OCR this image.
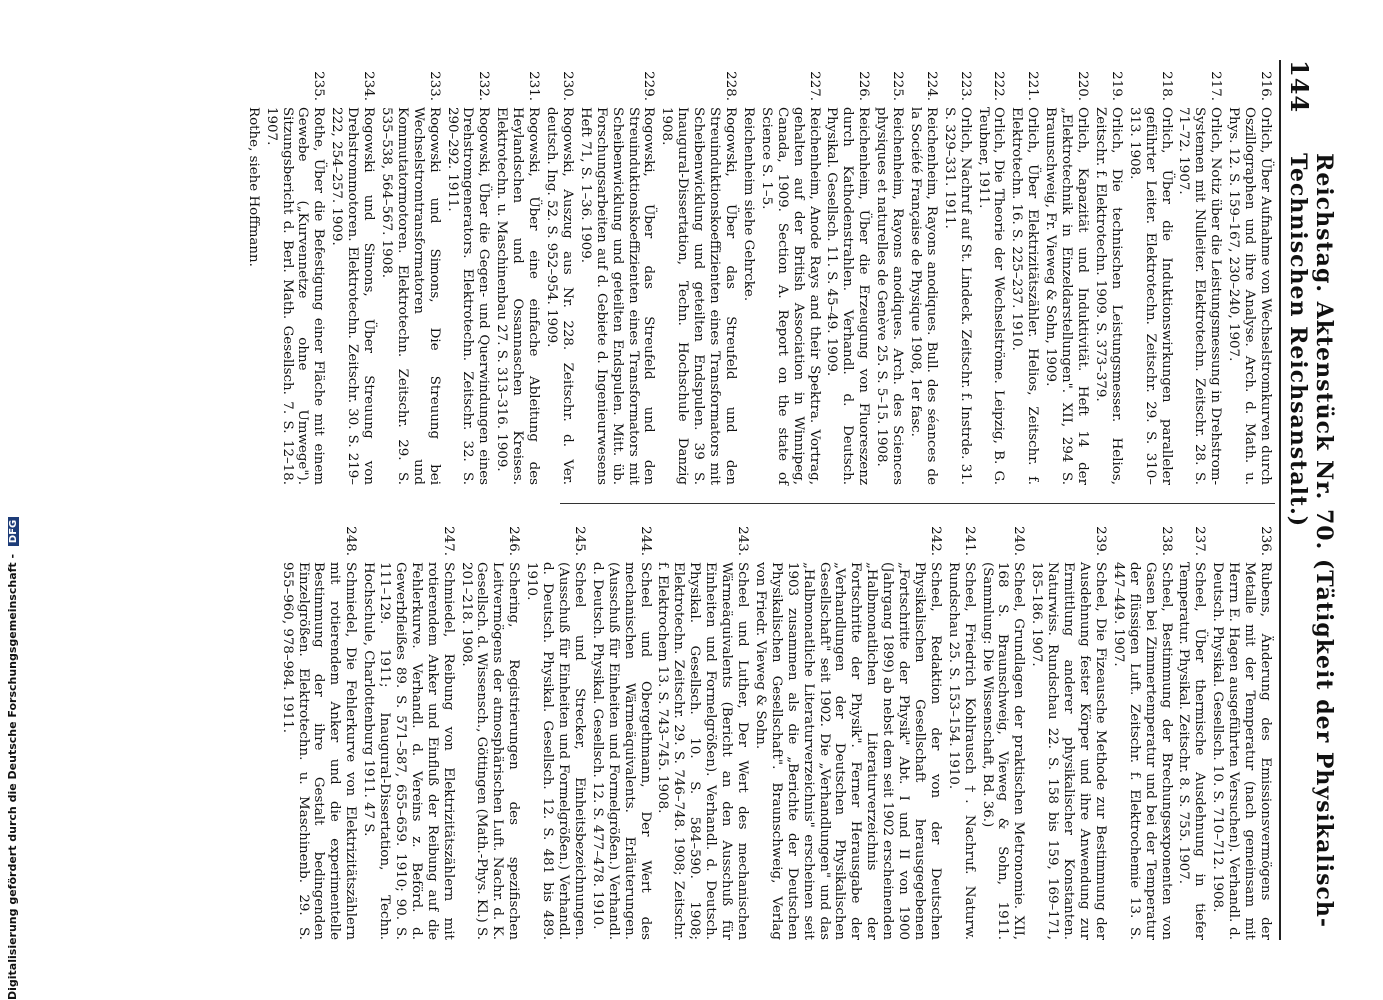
144
Reichstag. Aktenstück Nr. 70. (Tätigkeit der Physikalisch-Technischen Reichsanstalt.)
216.
Orlich, Über Aufnahme von Wechselstromkurven durch Oszillographen und ihre Analyse. Arch. d. Math. u. Phys. 12. S. 159–167, 230–240, 1907.
217.
Orlich, Notiz über die Leistungsmessung in Drehstrom-Systemen mit Nulleiter. Elektrotechn. Zeitschr. 28. S. 71–72. 1907.
218.
Orlich, Über die Induktionswirkungen paralleler geführter Leiter. Elektrotechn. Zeitschr. 29. S. 310–313. 1908.
219.
Orlich, Die technischen Leistungsmesser. Helios, Zeitschr. f. Elektrotechn. 1909. S. 373–379.
220.
Orlich, Kapazität und Induktivität. Heft 14 der „Elektrotechnik in Einzeldarstellungen". XII, 294 S. Braunschweig, Fr. Vieweg & Sohn, 1909.
221.
Orlich, Über Elektrizitätszähler. Helios, Zeitschr. f. Elektrotechn. 16. S. 225–237. 1910.
222.
Orlich, Die Theorie der Wechselströme. Leipzig, B. G. Teubner, 1911.
223.
Orlich, Nachruf auf St. Lindeck. Zeitschr. f. Instrde. 31. S. 329–331. 1911.
224.
Reichenheim, Rayons anodiques. Bull. des séances de la Société Française de Physique 1908, 1er fasc.
225.
Reichenheim, Rayons anodiques. Arch. des Sciences physiques et naturelles de Genève 25. S. 5–15. 1908.
226.
Reichenheim, Über die Erzeugung von Fluoreszenz durch Kathodenstrahlen. Verhandl. d. Deutsch. Physikal. Gesellsch. 11. S. 45–49. 1909.
227.
Reichenheim, Anode Rays and their Spektra. Vortrag, gehalten auf der British Association in Winnipeg, Canada, 1909. Section A. Report on the state of Science S. 1–5.
Reichenheim siehe Gehrcke.
228.
Rogowski, Über das Streufeld und den Streuinduktionskoeffizienten eines Transformators mit Scheibenwicklung und geteilten Endspulen. 39 S. Inaugural-Dissertation, Techn. Hochschule Danzig 1908.
229.
Rogowski, Über das Streufeld und den Streuinduktionskoeffizienten eines Transformators mit Scheibenwicklung und geteilten Endspulen. Mitt. üb. Forschungsarbeiten auf d. Gebiete d. Ingenieurwesens Heft 71, S. 1–36. 1909.
230.
Rogowski, Auszug aus Nr. 228. Zeitschr. d. Ver. deutsch. Ing. 52. S. 952–954. 1909.
231.
Rogowski, Über eine einfache Ableitung des Heylandschen und Ossannaschen Kreises. Elektrotechn. u. Maschinenbau 27. S. 313–316. 1909.
232.
Rogowski, Über die Gegen- und Querwindungen eines Drehstromgenerators. Elektrotechn. Zeitschr. 32. S. 290–292. 1911.
233.
Rogowski und Simons, Die Streuung bei Wechselstromtransformatoren und Kommutatormotoren. Elektrotechn. Zeitschr. 29. S. 535–538, 564–567. 1908.
234.
Rogowski und Simons, Über Streuung von Drehstrommotoren. Elektrotechn. Zeitschr. 30. S. 219–222, 254–257. 1909.
235.
Rothe, Über die Befestigung einer Fläche mit einem Gewebe („Kurvennetze ohne Umwege"). Sitzungsbericht d. Berl. Math. Gesellsch. 7. S. 12–18. 1907.
Rothe, siehe Hoffmann.
236.
Rubens, Änderung des Emissionsvermögens der Metalle mit der Temperatur (nach gemeinsam mit Herrn E. Hagen ausgeführten Versuchen). Verhandl. d. Deutsch. Physikal. Gesellsch. 10. S. 710–712. 1908.
237.
Scheel, Über thermische Ausdehnung in tiefer Temperatur. Physikal. Zeitschr. 8. S. 755. 1907.
238.
Scheel, Bestimmung der Brechungsexponenten von Gasen bei Zimmertemperatur und bei der Temperatur der flüssigen Luft. Zeitschr. f. Elektrochemie 13. S. 447–449. 1907.
239.
Scheel, Die Fizeausche Methode zur Bestimmung der Ausdehnung fester Körper und ihre Anwendung zur Ermittlung anderer physikalischer Konstanten. Naturwiss. Rundschau 22. S. 158 bis 159, 169–171, 185–186. 1907.
240.
Scheel, Grundlagen der praktischen Metronomie. XII, 168 S. Braunschweig, Vieweg & Sohn, 1911. (Sammlung: Die Wissenschaft, Bd. 36.)
241.
Scheel, Friedrich Kohlrausch †. Nachruf. Naturw. Rundschau 25. S. 153–154. 1910.
242.
Scheel, Redaktion der von der Deutschen Physikalischen Gesellschaft herausgegebenen „Fortschritte der Physik" Abt. I und II von 1900 (Jahrgang 1899) ab nebst dem seit 1902 erscheinenden „Halbmonatlichen Literaturverzeichnis der Fortschritte der Physik". Ferner Herausgabe der „Verhandlungen der Deutschen Physikalischen Gesellschaft" seit 1902. Die „Verhandlungen" und das „Halbmonatliche Literaturverzeichnis" erscheinen seit 1903 zusammen als die „Berichte der Deutschen Physikalischen Gesellschaft". Braunschweig, Verlag von Friedr. Vieweg & Sohn.
243.
Scheel und Luther, Der Wert des mechanischen Wärmeäquivalents (Bericht an den Ausschuß für Einheiten und Formelgrößen). Verhandl. d. Deutsch. Physikal. Gesellsch. 10. S. 584–590. 1908; Elektrotechn. Zeitschr. 29. S. 746–748. 1908; Zeitschr. f. Elektrochem 13. S. 743–745. 1908.
244.
Scheel und Obergethmann, Der Wert des mechanischen Wärmeäquivalents. Erläuterungen. (Ausschuß für Einheiten und Formelgrößen.) Verhandl. d. Deutsch. Physikal. Gesellsch. 12. S. 477–478. 1910.
245.
Scheel und Strecker, Einheitsbezeichnungen. (Ausschuß für Einheiten und Formelgrößen.) Verhandl. d. Deutsch. Physikal. Gesellsch. 12. S. 481 bis 489. 1910.
246.
Schering, Registrierungen des spezifischen Leitvermögens der atmosphärischen Luft. Nachr. d. K. Gesellsch. d. Wissensch., Göttingen (Math.-Phys. Kl.) S. 201–218. 1908.
247.
Schmiedel, Reibung von Elektrizitätszählern mit rotierendem Anker und Einfluß der Reibung auf die Fehlerkurve. Verhandl. d. Vereins z. Beförd. d. Gewerbfleißes 89. S. 571–587, 655–659. 1910; 90. S. 111–129. 1911; Inaugural-Dissertation, Techn. Hochschule, Charlottenburg 1911. 47 S.
248.
Schmiedel, Die Fehlerkurve von Elektrizitätszählern mit rotierendem Anker und die experimentelle Bestimmung der ihre Gestalt bedingenden Einzelgrößen. Elektrotechn. u. Maschinenb. 29. S. 955–960, 978–984. 1911.
Digitalisierung gefördert durch die Deutsche Forschungsgemeinschaft - DFG
